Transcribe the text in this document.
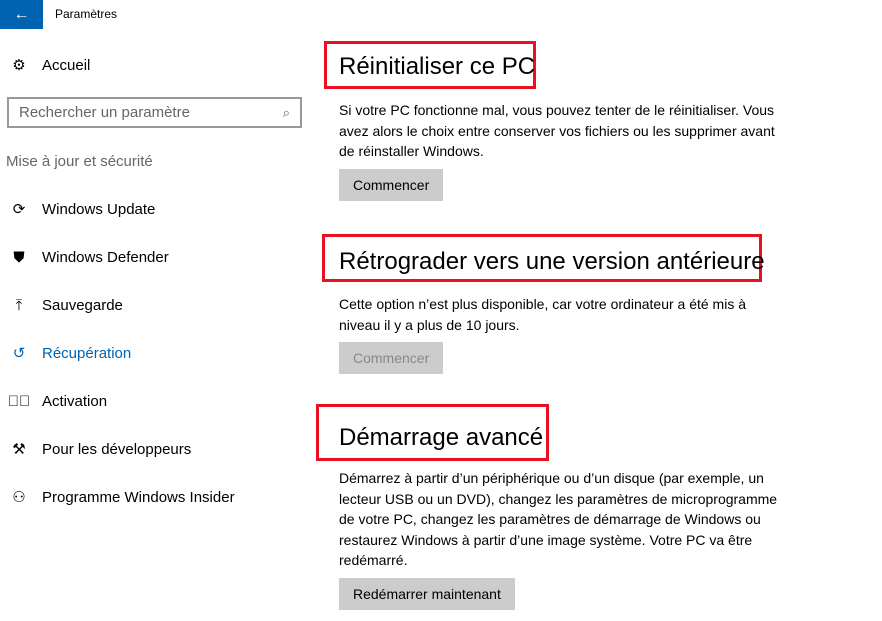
← Paramètres
⚙ Accueil
Rechercher un paramètre	⌕
Mise à jour et sécurité
⟳ Windows Update
⛊ Windows Defender
⤒	Sauvegarde
↺ Récupération
✓⃝ Activation
⚒ Pour les développeurs
⚇ Programme Windows Insider
Réinitialiser ce PC

Si votre PC fonctionne mal, vous pouvez tenter de le réinitialiser. Vous avez alors le choix entre conserver vos fichiers ou les supprimer avant de réinstaller Windows.

Commencer
Rétrograder vers une version antérieure

Cette option n’est plus disponible, car votre ordinateur a été mis à niveau il y a plus de 10 jours.

Commencer
Démarrage avancé

Démarrez à partir d’un périphérique ou d’un disque (par exemple, un lecteur USB ou un DVD), changez les paramètres de microprogramme de votre PC, changez les paramètres de démarrage de Windows ou restaurez Windows à partir d’une image système. Votre PC va être redémarré.

Redémarrer maintenant
